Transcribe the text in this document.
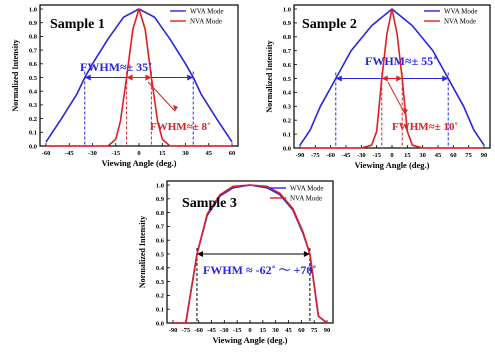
-60 -45 -30 -15	0	15	30	45	60
0.0
0.1
0.2
0.3
0.4
0.5
0.6
0.7
0.8
0.9
1.0
Viewing Angle (deg.)
Normalized Intensity
Sample 1
WVA Mode
NVA Mode
FWHM≈± 35˚
FWHM≈± 8˚
-90 -75 -60 -45 -30 -15 0 15 30 45 60 75 90
0.0
0.1
0.2
0.3
0.4
0.5
0.6
0.7
0.8
0.9
1.0
Viewing Angle (deg.)
Normalized Intensity
Sample 2
WVA Mode
NVA Mode
FWHM≈± 55˚
FWHM≈± 10˚
-90 -75 -60 -45 -30 -15 0 15 30 45 60 75 90
0.0
0.1
0.2
0.3
0.4
0.5
0.6
0.7
0.8
0.9
1.0
Viewing Angle (deg.)
Normalized Intensity
Sample 3
WVA Mode
NVA Mode
FWHM ≈ -62˚ ～ +70˚
